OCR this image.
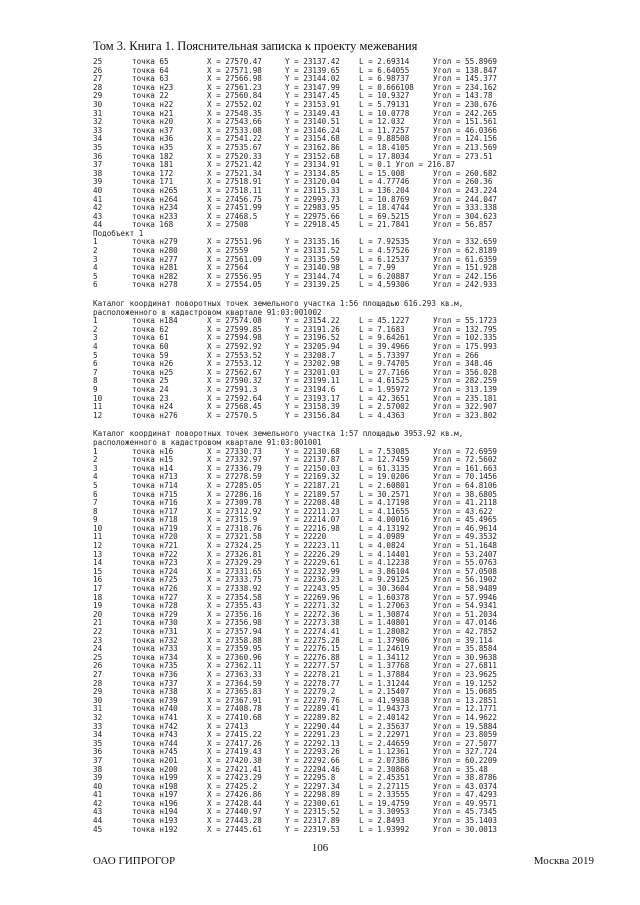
Том 3. Книга 1. Пояснительная записка к проекту межевания
25	точка 65	X = 27570.47	Y = 23137.42	L = 2.69314	Угол = 55.8969
26	точка 64	X = 27571.98	Y = 23139.65	L = 6.64055	Угол = 138.847
27	точка 63	X = 27566.98	Y = 23144.02	L = 6.98737	Угол = 145.377
28	точка н23	X = 27561.23	Y = 23147.99	L = 0.666108	Угол = 234.162
29	точка 22	X = 27560.84	Y = 23147.45	L = 10.9327	Угол = 143.78
30	точка н22	X = 27552.02	Y = 23153.91	L = 5.79131	Угол = 230.676
31	точка н21	X = 27548.35	Y = 23149.43	L = 10.0778	Угол = 242.265
32	точка н20	X = 27543.66	Y = 23140.51	L = 12.032	Угол = 151.561
33	точка н37	X = 27533.08	Y = 23146.24	L = 11.7257	Угол = 46.0366
34	точка н36	X = 27541.22	Y = 23154.68	L = 9.88508	Угол = 124.156
35	точка н35	X = 27535.67	Y = 23162.86	L = 18.4105	Угол = 213.569
36	точка 182	X = 27520.33	Y = 23152.68	L = 17.8034	Угол = 273.51
37	точка 181	X = 27521.42	Y = 23134.91	L = 0.1 Угол = 216.87
38	точка 172	X = 27521.34	Y = 23134.85	L = 15.008	Угол = 260.682
39	точка 171	X = 27518.91	Y = 23120.04	L = 4.77746	Угол = 260.36
40	точка н265	X = 27518.11	Y = 23115.33	L = 136.204	Угол = 243.224
41	точка н264	X = 27456.75	Y = 22993.73	L = 10.8769	Угол = 244.047
42	точка н234	X = 27451.99	Y = 22983.95	L = 18.4744	Угол = 333.338
43	точка н233	X = 27468.5	Y = 22975.66	L = 69.5215	Угол = 304.623
44	точка 168	X = 27508	Y = 22918.45	L = 21.7841	Угол = 56.857
Подобъект 1
1	точка н279	X = 27551.96	Y = 23135.16	L = 7.92535	Угол = 332.659
2	точка н280	X = 27559	Y = 23131.52	L = 4.57526	Угол = 62.8189
3	точка н277	X = 27561.09	Y = 23135.59	L = 6.12537	Угол = 61.6359
4	точка н281	X = 27564	Y = 23140.98	L = 7.99	Угол = 151.928
5	точка н282	X = 27556.95	Y = 23144.74	L = 6.20887	Угол = 242.156
6	точка н278	X = 27554.05	Y = 23139.25	L = 4.59306	Угол = 242.933
Каталог координат поворотных точек земельного участка 1:56 площадью 616.293 кв.м,
расположенного в кадастровом квартале 91:03:001002
1	точка н184	X = 27574.08	Y = 23154.22	L = 45.1227	Угол = 55.1723
2	точка 62	X = 27599.85	Y = 23191.26	L = 7.1683	Угол = 132.795
3	точка 61	X = 27594.98	Y = 23196.52	L = 9.64261	Угол = 102.335
4	точка 60	X = 27592.92	Y = 23205.94	L = 39.4966	Угол = 175.993
5	точка 59	X = 27553.52	Y = 23208.7	L = 5.73397	Угол = 266
6	точка н26	X = 27553.12	Y = 23202.98	L = 9.74705	Угол = 348.46
7	точка н25	X = 27562.67	Y = 23201.03	L = 27.7166	Угол = 356.028
8	точка 25	X = 27590.32	Y = 23199.11	L = 4.61525	Угол = 282.259
9	точка 24	X = 27591.3	Y = 23194.6	L = 1.95972	Угол = 313.139
10	точка 23	X = 27592.64	Y = 23193.17	L = 42.3651	Угол = 235.181
11	точка н24	X = 27568.45	Y = 23158.39	L = 2.57002	Угол = 322.907
12	точка н276	X = 27570.5	Y = 23156.84	L = 4.4363	Угол = 323.802
Каталог координат поворотных точек земельного участка 1:57 площадью 3953.92 кв.м,
расположенного в кадастровом квартале 91:03:001001
1	точка н16	X = 27330.73	Y = 22130.68	L = 7.53085	Угол = 72.6959
2	точка н15	X = 27332.97	Y = 22137.87	L = 12.7459	Угол = 72.5602
3	точка н14	X = 27336.79	Y = 22150.03	L = 61.3135	Угол = 161.663
4	точка н713	X = 27278.59	Y = 22169.32	L = 19.0206	Угол = 70.1456
5	точка н714	X = 27285.05	Y = 22187.21	L = 2.60801	Угол = 64.8106
6	точка н715	X = 27286.16	Y = 22189.57	L = 30.2571	Угол = 38.6805
7	точка н716	X = 27309.78	Y = 22208.48	L = 4.17198	Угол = 41.2118
8	точка н717	X = 27312.92	Y = 22211.23	L = 4.11655	Угол = 43.622
9	точка н718	X = 27315.9	Y = 22214.07	L = 4.00016	Угол = 45.4965
10	точка н719	X = 27318.76	Y = 22216.98	L = 4.13192	Угол = 46.9614
11	точка н720	X = 27321.58	Y = 22220	L = 4.0989	Угол = 49.3532
12	точка н721	X = 27324.25	Y = 22223.11	L = 4.0824	Угол = 51.1648
13	точка н722	X = 27326.81	Y = 22226.29	L = 4.14401	Угол = 53.2407
14	точка н723	X = 27329.29	Y = 22229.61	L = 4.12238	Угол = 55.0763
15	точка н724	X = 27331.65	Y = 22232.99	L = 3.86104	Угол = 57.0508
16	точка н725	X = 27333.75	Y = 22236.23	L = 9.29125	Угол = 56.1902
17	точка н726	X = 27338.92	Y = 22243.95	L = 30.3604	Угол = 58.9489
18	точка н727	X = 27354.58	Y = 22269.96	L = 1.60378	Угол = 57.9946
19	точка н728	X = 27355.43	Y = 22271.32	L = 1.27063	Угол = 54.9341
20	точка н729	X = 27356.16	Y = 22272.36	L = 1.30874	Угол = 51.2034
21	точка н730	X = 27356.98	Y = 22273.38	L = 1.40801	Угол = 47.0146
22	точка н731	X = 27357.94	Y = 22274.41	L = 1.28082	Угол = 42.7852
23	точка н732	X = 27358.88	Y = 22275.28	L = 1.37906	Угол = 39.114
24	точка н733	X = 27359.95	Y = 22276.15	L = 1.24619	Угол = 35.8584
25	точка н734	X = 27360.96	Y = 22276.88	L = 1.34112	Угол = 30.9638
26	точка н735	X = 27362.11	Y = 22277.57	L = 1.37768	Угол = 27.6811
27	точка н736	X = 27363.33	Y = 22278.21	L = 1.37884	Угол = 23.9625
28	точка н737	X = 27364.59	Y = 22278.77	L = 1.31244	Угол = 19.1252
29	точка н738	X = 27365.83	Y = 22279.2	L = 2.15407	Угол = 15.0685
30	точка н739	X = 27367.91	Y = 22279.76	L = 41.9938	Угол = 13.2851
31	точка н740	X = 27408.78	Y = 22289.41	L = 1.94373	Угол = 12.1771
32	точка н741	X = 27410.68	Y = 22289.82	L = 2.40142	Угол = 14.9622
33	точка н742	X = 27413	Y = 22290.44	L = 2.35637	Угол = 19.5884
34	точка н743	X = 27415.22	Y = 22291.23	L = 2.22971	Угол = 23.8059
35	точка н744	X = 27417.26	Y = 22292.13	L = 2.44659	Угол = 27.5077
36	точка н745	X = 27419.43	Y = 22293.26	L = 1.12361	Угол = 327.724
37	точка н201	X = 27420.38	Y = 22292.66	L = 2.07386	Угол = 60.2209
38	точка н200	X = 27421.41	Y = 22294.46	L = 2.30868	Угол = 35.48
39	точка н199	X = 27423.29	Y = 22295.8	L = 2.45351	Угол = 38.8786
40	точка н198	X = 27425.2	Y = 22297.34	L = 2.27115	Угол = 43.0374
41	точка н197	X = 27426.86	Y = 22298.89	L = 2.33555	Угол = 47.4293
42	точка н196	X = 27428.44	Y = 22300.61	L = 19.4759	Угол = 49.9571
43	точка н194	X = 27440.97	Y = 22315.52	L = 3.30953	Угол = 45.7345
44	точка н193	X = 27443.28	Y = 22317.89	L = 2.8493	Угол = 35.1403
45	точка н192	X = 27445.61	Y = 22319.53	L = 1.93992	Угол = 30.0013
106
ОАО ГИПРОГОР	Москва 2019
